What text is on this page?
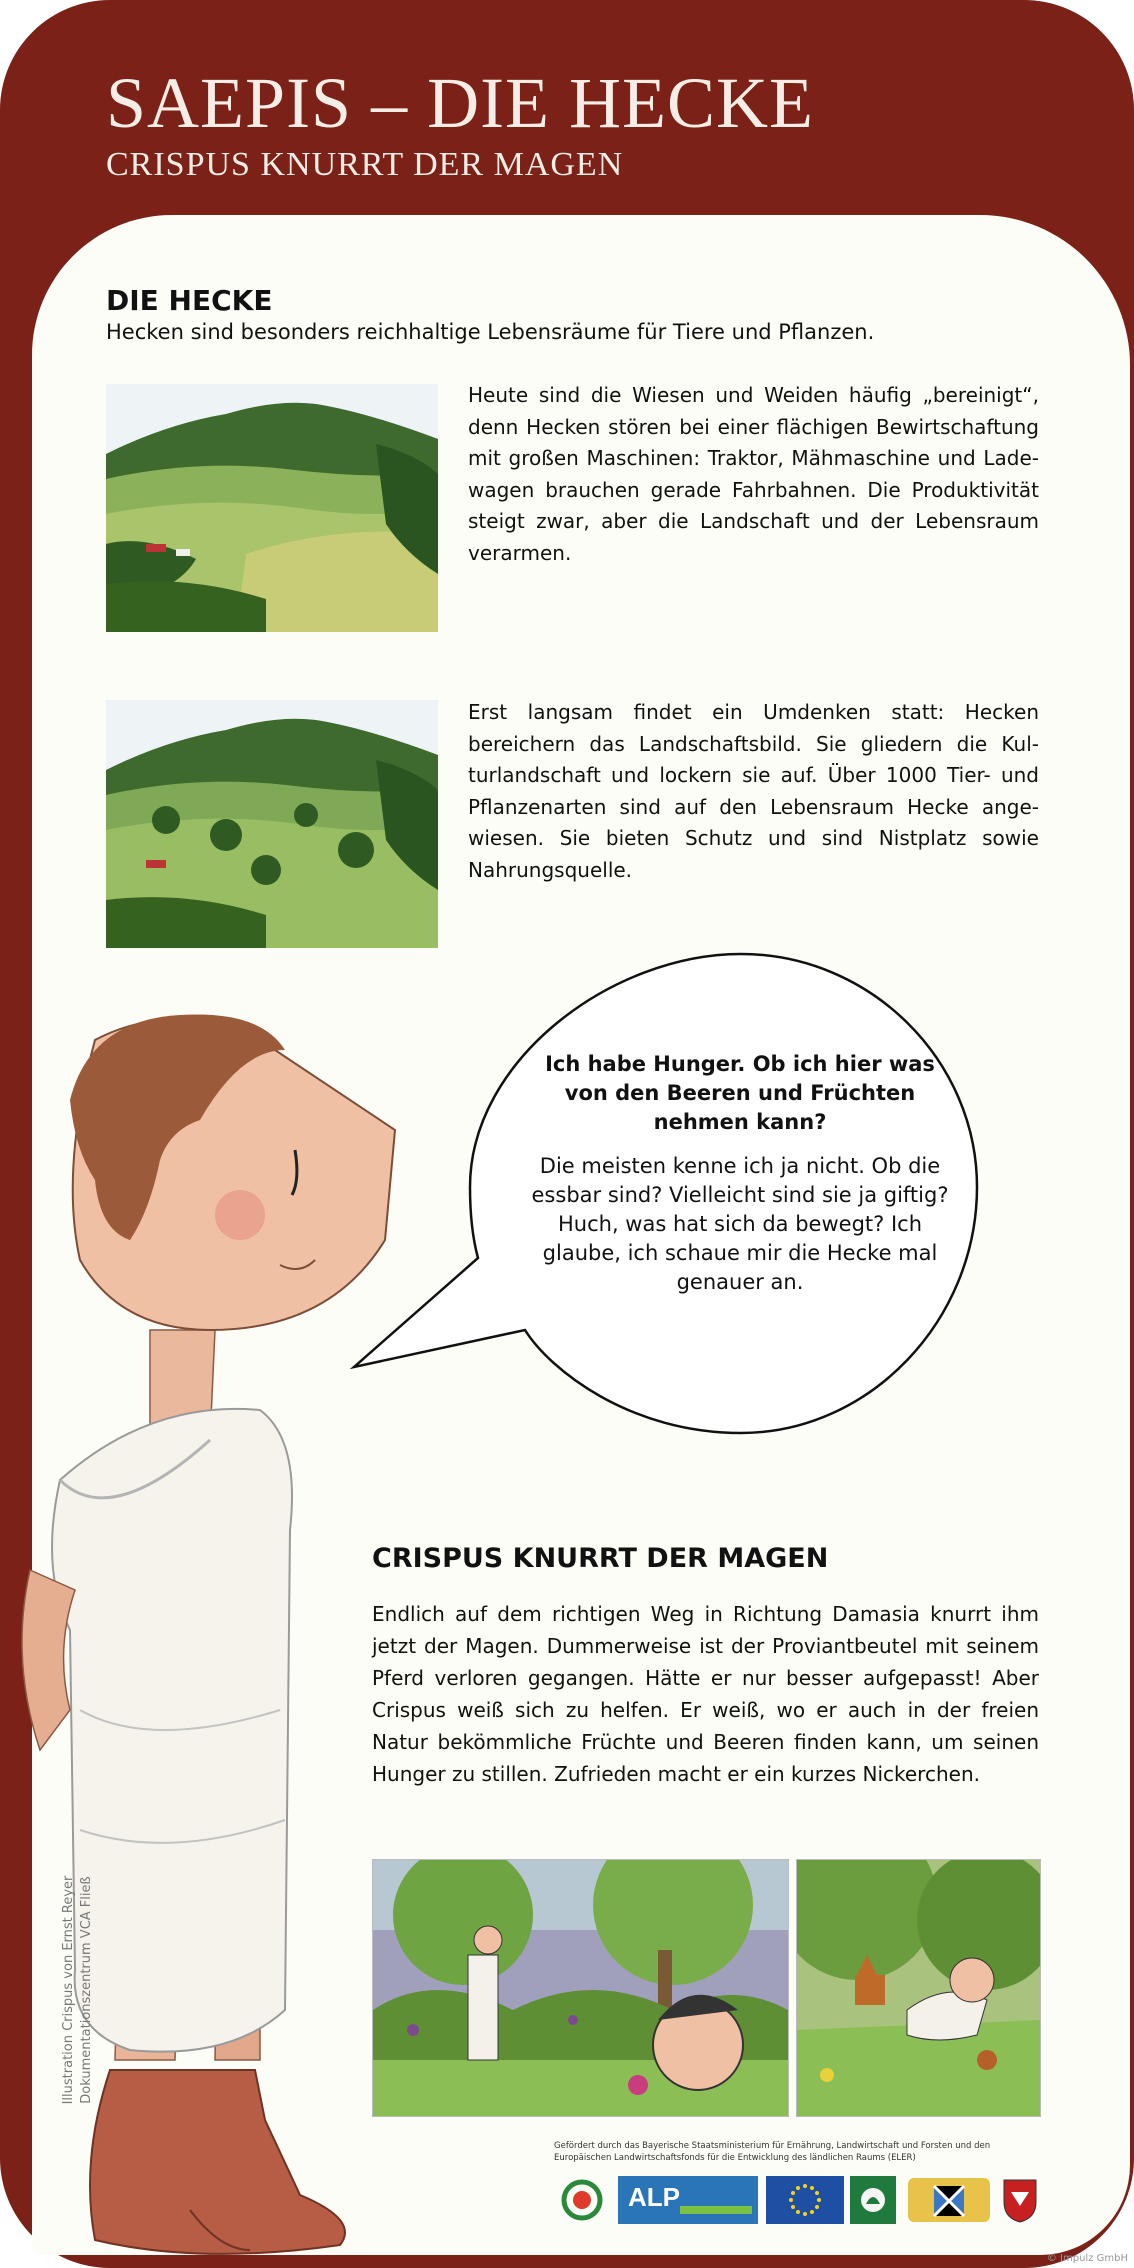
SAEPIS – DIE HECKE
CRISPUS KNURRT DER MAGEN
DIE HECKE
Hecken sind besonders reichhaltige Lebensräume für Tiere und Pflanzen.
Heute sind die Wiesen und Weiden häufig „bereinigt“, denn Hecken stören bei einer flächigen Bewirtschaftung mit großen Maschinen: Traktor, Mähmaschine und Lade-wagen brauchen gerade Fahrbahnen. Die Produktivität steigt zwar, aber die Landschaft und der Lebensraum verarmen.
Erst langsam findet ein Umdenken statt: Hecken bereichern das Landschaftsbild. Sie gliedern die Kul-turlandschaft und lockern sie auf. Über 1000 Tier- und Pflanzenarten sind auf den Lebensraum Hecke ange-wiesen. Sie bieten Schutz und sind Nistplatz sowie Nahrungsquelle.
Ich habe Hunger. Ob ich hier was von den Beeren und Früchten nehmen kann?
Die meisten kenne ich ja nicht. Ob die essbar sind? Vielleicht sind sie ja giftig? Huch, was hat sich da bewegt? Ich glaube, ich schaue mir die Hecke mal genauer an.
Illustration Crispus von Ernst Reyer Dokumentationszentrum VCA Fließ
CRISPUS KNURRT DER MAGEN
Endlich auf dem richtigen Weg in Richtung Damasia knurrt ihm jetzt der Magen. Dummerweise ist der Proviantbeutel mit seinem Pferd verloren gegangen. Hätte er nur besser aufgepasst! Aber Crispus weiß sich zu helfen. Er weiß, wo er auch in der freien Natur bekömmliche Früchte und Beeren finden kann, um seinen Hunger zu stillen. Zufrieden macht er ein kurzes Nickerchen.
Gefördert durch das Bayerische Staatsministerium für Ernährung, Landwirtschaft und Forsten und den Europäischen Landwirtschaftsfonds für die Entwicklung des ländlichen Raums (ELER)
ALP
© Impulz GmbH
